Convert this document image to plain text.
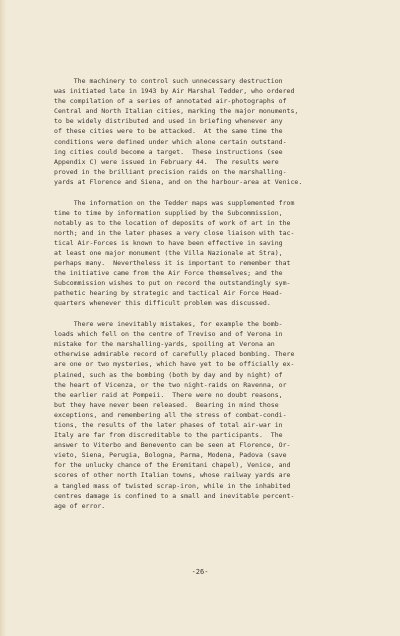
The machinery to control such unnecessary destruction
was initiated late in 1943 by Air Marshal Tedder, who ordered
the compilation of a series of annotated air-photographs of
Central and North Italian cities, marking the major monuments,
to be widely distributed and used in briefing whenever any
of these cities were to be attacked.  At the same time the
conditions were defined under which alone certain outstand-
ing cities could become a target.  These instructions (see
Appendix C) were issued in February 44.  The results were
proved in the brilliant precision raids on the marshalling-
yards at Florence and Siena, and on the harbour-area at Venice.
The information on the Tedder maps was supplemented from
time to time by information supplied by the Subcommission,
notably as to the location of deposits of work of art in the
north; and in the later phases a very close liaison with tac-
tical Air-Forces is known to have been effective in saving
at least one major monument (the Villa Nazionale at Stra),
perhaps many.  Nevertheless it is important to remember that
the initiative came from the Air Force themselves; and the
Subcommission wishes to put on record the outstandingly sym-
pathetic hearing by strategic and tactical Air Force Head-
quarters whenever this difficult problem was discussed.
There were inevitably mistakes, for example the bomb-
loads which fell on the centre of Treviso and of Verona in
mistake for the marshalling-yards, spoiling at Verona an
otherwise admirable record of carefully placed bombing. There
are one or two mysteries, which have yet to be officially ex-
plained, such as the bombing (both by day and by night) of
the heart of Vicenza, or the two night-raids on Ravenna, or
the earlier raid at Pompeii.  There were no doubt reasons,
but they have never been released.  Bearing in mind those
exceptions, and remembering all the stress of combat-condi-
tions, the results of the later phases of total air-war in
Italy are far from discreditable to the participants.  The
answer to Viterbo and Benevento can be seen at Florence, Or-
vieto, Siena, Perugia, Bologna, Parma, Modena, Padova (save
for the unlucky chance of the Eremitani chapel), Venice, and
scores of other north Italian towns, whose railway yards are
a tangled mass of twisted scrap-iron, while in the inhabited
centres damage is confined to a small and inevitable percent-
age of error.
-26-
